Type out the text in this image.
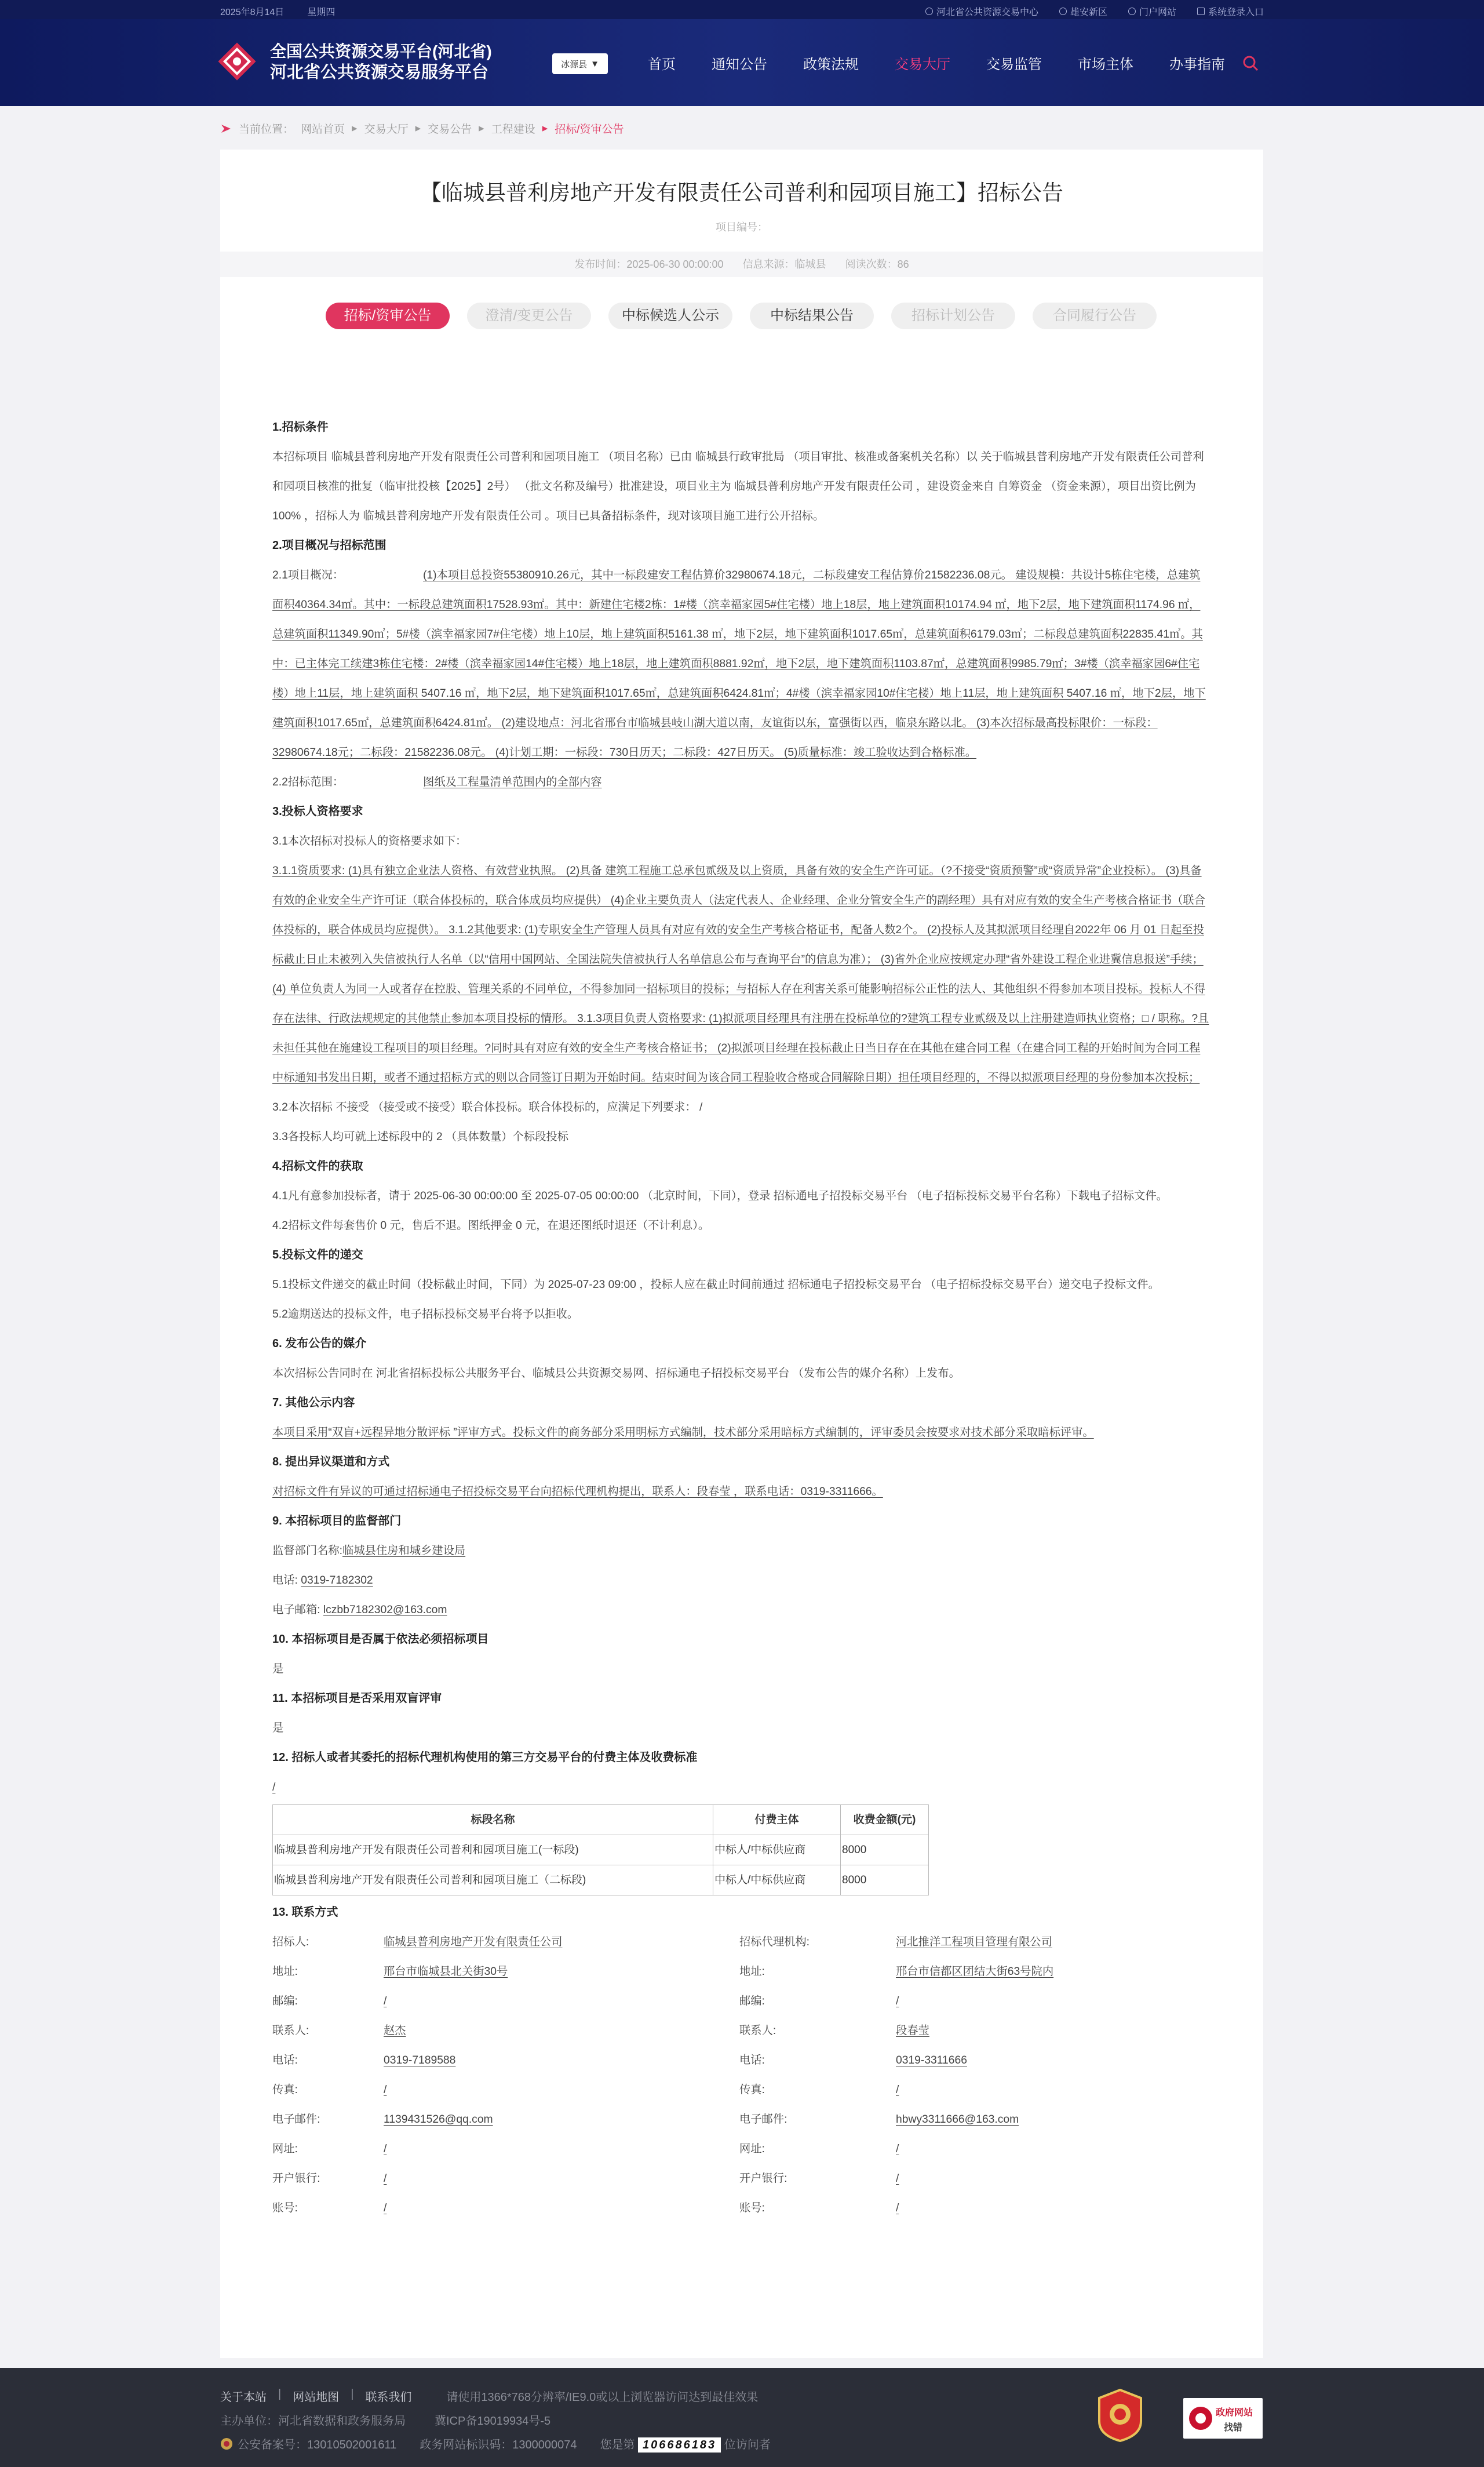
2025年8月14日	星期四	河北省公共资源交易中心	雄安新区	门户网站	系统登录入口
全国公共资源交易平台(河北省)
河北省公共资源交易服务平台	冰源县 ▼	首页	通知公告	政策法规	交易大厅	交易监管	市场主体	办事指南
当前位置： 网站首页 ▸ 交易大厅 ▸ 交易公告 ▸ 工程建设 ▸ 招标/资审公告
【临城县普利房地产开发有限责任公司普利和园项目施工】招标公告
项目编号：
发布时间：2025-06-30 00:00:00 信息来源：临城县 阅读次数：86
招标/资审公告	澄清/变更公告	中标候选人公示	中标结果公告	招标计划公告	合同履行公告
1.招标条件

本招标项目 临城县普利房地产开发有限责任公司普利和园项目施工 （项目名称）已由 临城县行政审批局 （项目审批、核准或备案机关名称）以 关于临城县普利房地产开发有限责任公司普利和园项目核准的批复（临审批投核【2025】2号） （批文名称及编号）批准建设，项目业主为 临城县普利房地产开发有限责任公司 ，建设资金来自 自筹资金 （资金来源），项目出资比例为 100% ，招标人为 临城县普利房地产开发有限责任公司 。项目已具备招标条件，现对该项目施工进行公开招标。

2.项目概况与招标范围
2.1项目概况：	(1)本项目总投资55380910.26元，其中一标段建安工程估算价32980674.18元，二标段建安工程估算价21582236.08元。 建设规模：共设计5栋住宅楼，总建筑面积40364.34㎡。其中：一标段总建筑面积17528.93㎡。其中：新建住宅楼2栋：1#楼（滨幸福家园5#住宅楼）地上18层，地上建筑面积10174.94 ㎡，地下2层，地下建筑面积1174.96 ㎡，总建筑面积11349.90㎡；5#楼（滨幸福家园7#住宅楼）地上10层，地上建筑面积5161.38 ㎡，地下2层，地下建筑面积1017.65㎡，总建筑面积6179.03㎡；二标段总建筑面积22835.41㎡。其中：已主体完工续建3栋住宅楼：2#楼（滨幸福家园14#住宅楼）地上18层，地上建筑面积8881.92㎡，地下2层，地下建筑面积1103.87㎡，总建筑面积9985.79㎡；3#楼（滨幸福家园6#住宅楼）地上11层，地上建筑面积 5407.16 ㎡，地下2层，地下建筑面积1017.65㎡，总建筑面积6424.81㎡；4#楼（滨幸福家园10#住宅楼）地上11层，地上建筑面积 5407.16 ㎡，地下2层，地下建筑面积1017.65㎡，总建筑面积6424.81㎡。 (2)建设地点：河北省邢台市临城县岐山湖大道以南，友谊街以东，富强街以西，临泉东路以北。 (3)本次招标最高投标限价：一标段：32980674.18元；二标段：21582236.08元。 (4)计划工期：一标段：730日历天；二标段：427日历天。 (5)质量标准：竣工验收达到合格标准。

2.2招标范围：	图纸及工程量清单范围内的全部内容
3.投标人资格要求

3.1本次招标对投标人的资格要求如下：

3.1.1资质要求: (1)具有独立企业法人资格、有效营业执照。 (2)具备 建筑工程施工总承包贰级及以上资质，具备有效的安全生产许可证。（?不接受“资质预警”或“资质异常”企业投标）。 (3)具备有效的企业安全生产许可证（联合体投标的，联合体成员均应提供） (4)企业主要负责人（法定代表人、企业经理、企业分管安全生产的副经理）具有对应有效的安全生产考核合格证书（联合体投标的，联合体成员均应提供）。 3.1.2其他要求: (1)专职安全生产管理人员具有对应有效的安全生产考核合格证书，配备人数2个。 (2)投标人及其拟派项目经理自2022年 06 月 01 日起至投标截止日止未被列入失信被执行人名单（以“信用中国网站、全国法院失信被执行人名单信息公布与查询平台”的信息为准）； (3)省外企业应按规定办理“省外建设工程企业进冀信息报送”手续； (4) 单位负责人为同一人或者存在控股、管理关系的不同单位，不得参加同一招标项目的投标；与招标人存在利害关系可能影响招标公正性的法人、其他组织不得参加本项目投标。投标人不得存在法律、行政法规规定的其他禁止参加本项目投标的情形。 3.1.3项目负责人资格要求: (1)拟派项目经理具有注册在投标单位的?建筑工程专业贰级及以上注册建造师执业资格；□ / 职称。?且未担任其他在施建设工程项目的项目经理。?同时具有对应有效的安全生产考核合格证书； (2)拟派项目经理在投标截止日当日存在在其他在建合同工程（在建合同工程的开始时间为合同工程中标通知书发出日期，或者不通过招标方式的则以合同签订日期为开始时间。结束时间为该合同工程验收合格或合同解除日期）担任项目经理的，不得以拟派项目经理的身份参加本次投标；

3.2本次招标 不接受 （接受或不接受）联合体投标。联合体投标的，应满足下列要求： /

3.3各投标人均可就上述标段中的 2 （具体数量）个标段投标

4.招标文件的获取

4.1凡有意参加投标者，请于 2025-06-30 00:00:00 至 2025-07-05 00:00:00 （北京时间，下同），登录 招标通电子招投标交易平台 （电子招标投标交易平台名称）下载电子招标文件。

4.2招标文件每套售价 0 元，售后不退。图纸押金 0 元，在退还图纸时退还（不计利息）。

5.投标文件的递交

5.1投标文件递交的截止时间（投标截止时间，下同）为 2025-07-23 09:00 ，投标人应在截止时间前通过 招标通电子招投标交易平台 （电子招标投标交易平台）递交电子投标文件。

5.2逾期送达的投标文件，电子招标投标交易平台将予以拒收。

6. 发布公告的媒介

本次招标公告同时在 河北省招标投标公共服务平台、临城县公共资源交易网、招标通电子招投标交易平台 （发布公告的媒介名称）上发布。

7. 其他公示内容

本项目采用“双盲+远程异地分散评标 ”评审方式。投标文件的商务部分采用明标方式编制，技术部分采用暗标方式编制的，评审委员会按要求对技术部分采取暗标评审。

8. 提出异议渠道和方式

对招标文件有异议的可通过招标通电子招投标交易平台向招标代理机构提出，联系人：段春莹 ，联系电话：0319-3311666。

9. 本招标项目的监督部门

监督部门名称:临城县住房和城乡建设局

电话: 0319-7182302

电子邮箱: lczbb7182302@163.com

10. 本招标项目是否属于依法必须招标项目

是

11. 本招标项目是否采用双盲评审

是

12. 招标人或者其委托的招标代理机构使用的第三方交易平台的付费主体及收费标准

/

标段名称	付费主体	收费金额(元)
临城县普利房地产开发有限责任公司普利和园项目施工(一标段)	中标人/中标供应商	8000
临城县普利房地产开发有限责任公司普利和园项目施工（二标段)	中标人/中标供应商	8000
13. 联系方式
招标人:	临城县普利房地产开发有限责任公司	招标代理机构:	河北推洋工程项目管理有限公司
地址:	邢台市临城县北关街30号	地址:	邢台市信都区团结大街63号院内
邮编:	/	邮编:	/
联系人:	赵杰	联系人:	段春莹
电话:	0319-7189588	电话:	0319-3311666
传真:	/	传真:	/
电子邮件:	1139431526@qq.com	电子邮件:	hbwy3311666@163.com
网址:	/	网址:	/
开户银行:	/	开户银行:	/
账号:	/	账号:	/
关于本站 | 网站地图 | 联系我们	请使用1366*768分辨率/IE9.0或以上浏览器访问达到最佳效果
主办单位：河北省数据和政务服务局	冀ICP备19019934号-5
公安备案号：13010502001611 政务网站标识码：1300000074 您是第 106686183 位访问者
政府网站
找错
